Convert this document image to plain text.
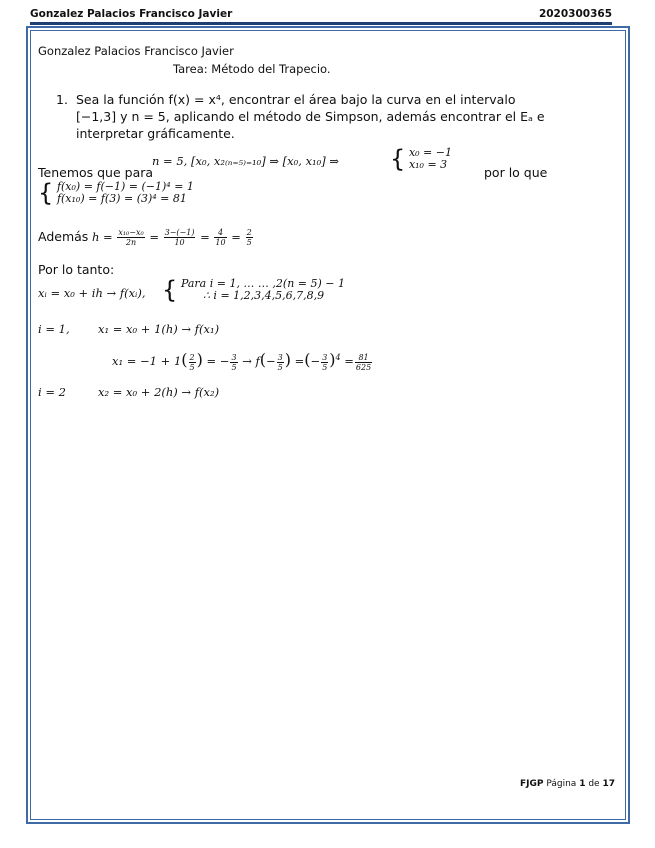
Gonzalez Palacios Francisco Javier	2020300365
Gonzalez Palacios Francisco Javier
Tarea: Método del Trapecio.
1. Sea la función f(x) = x⁴, encontrar el área bajo la curva en el intervalo
[−1,3] y n = 5, aplicando el método de Simpson, además encontrar el Eₐ e
interpretar gráficamente.
Tenemos que para
n = 5, [x₀, x₂₍ₙ₌₅₎₌₁₀] ⇒ [x₀, x₁₀] ⇒ { x₀ = −1
x₁₀ = 3
por lo que
{ f(x₀) = f(−1) = (−1)⁴ = 1
f(x₁₀) = f(3) = (3)⁴ = 81
Además $h = \frac{\text{x₁₀−x₀}}{2n} = \frac{3-(-1)}{10} = \frac{4}{10} = \frac{2}{5}$
Por lo tanto:
xᵢ = x₀ + ih → f(xᵢ), { Para i = 1, … … ,2(n = 5) − 1
∴ i = 1,2,3,4,5,6,7,8,9
i = 1, x₁ = x₀ + 1(h) → f(x₁)
$x_1 = -1 + 1( \frac{2}{5}$ ) = − $\frac{3}{5} \to f(- \frac{3}{5}$ ) =(− $\frac{3}{5} )^4 = \frac{81}{625}$
i = 2	x₂ = x₀ + 2(h) → f(x₂)
FJGP Página 1 de 17
